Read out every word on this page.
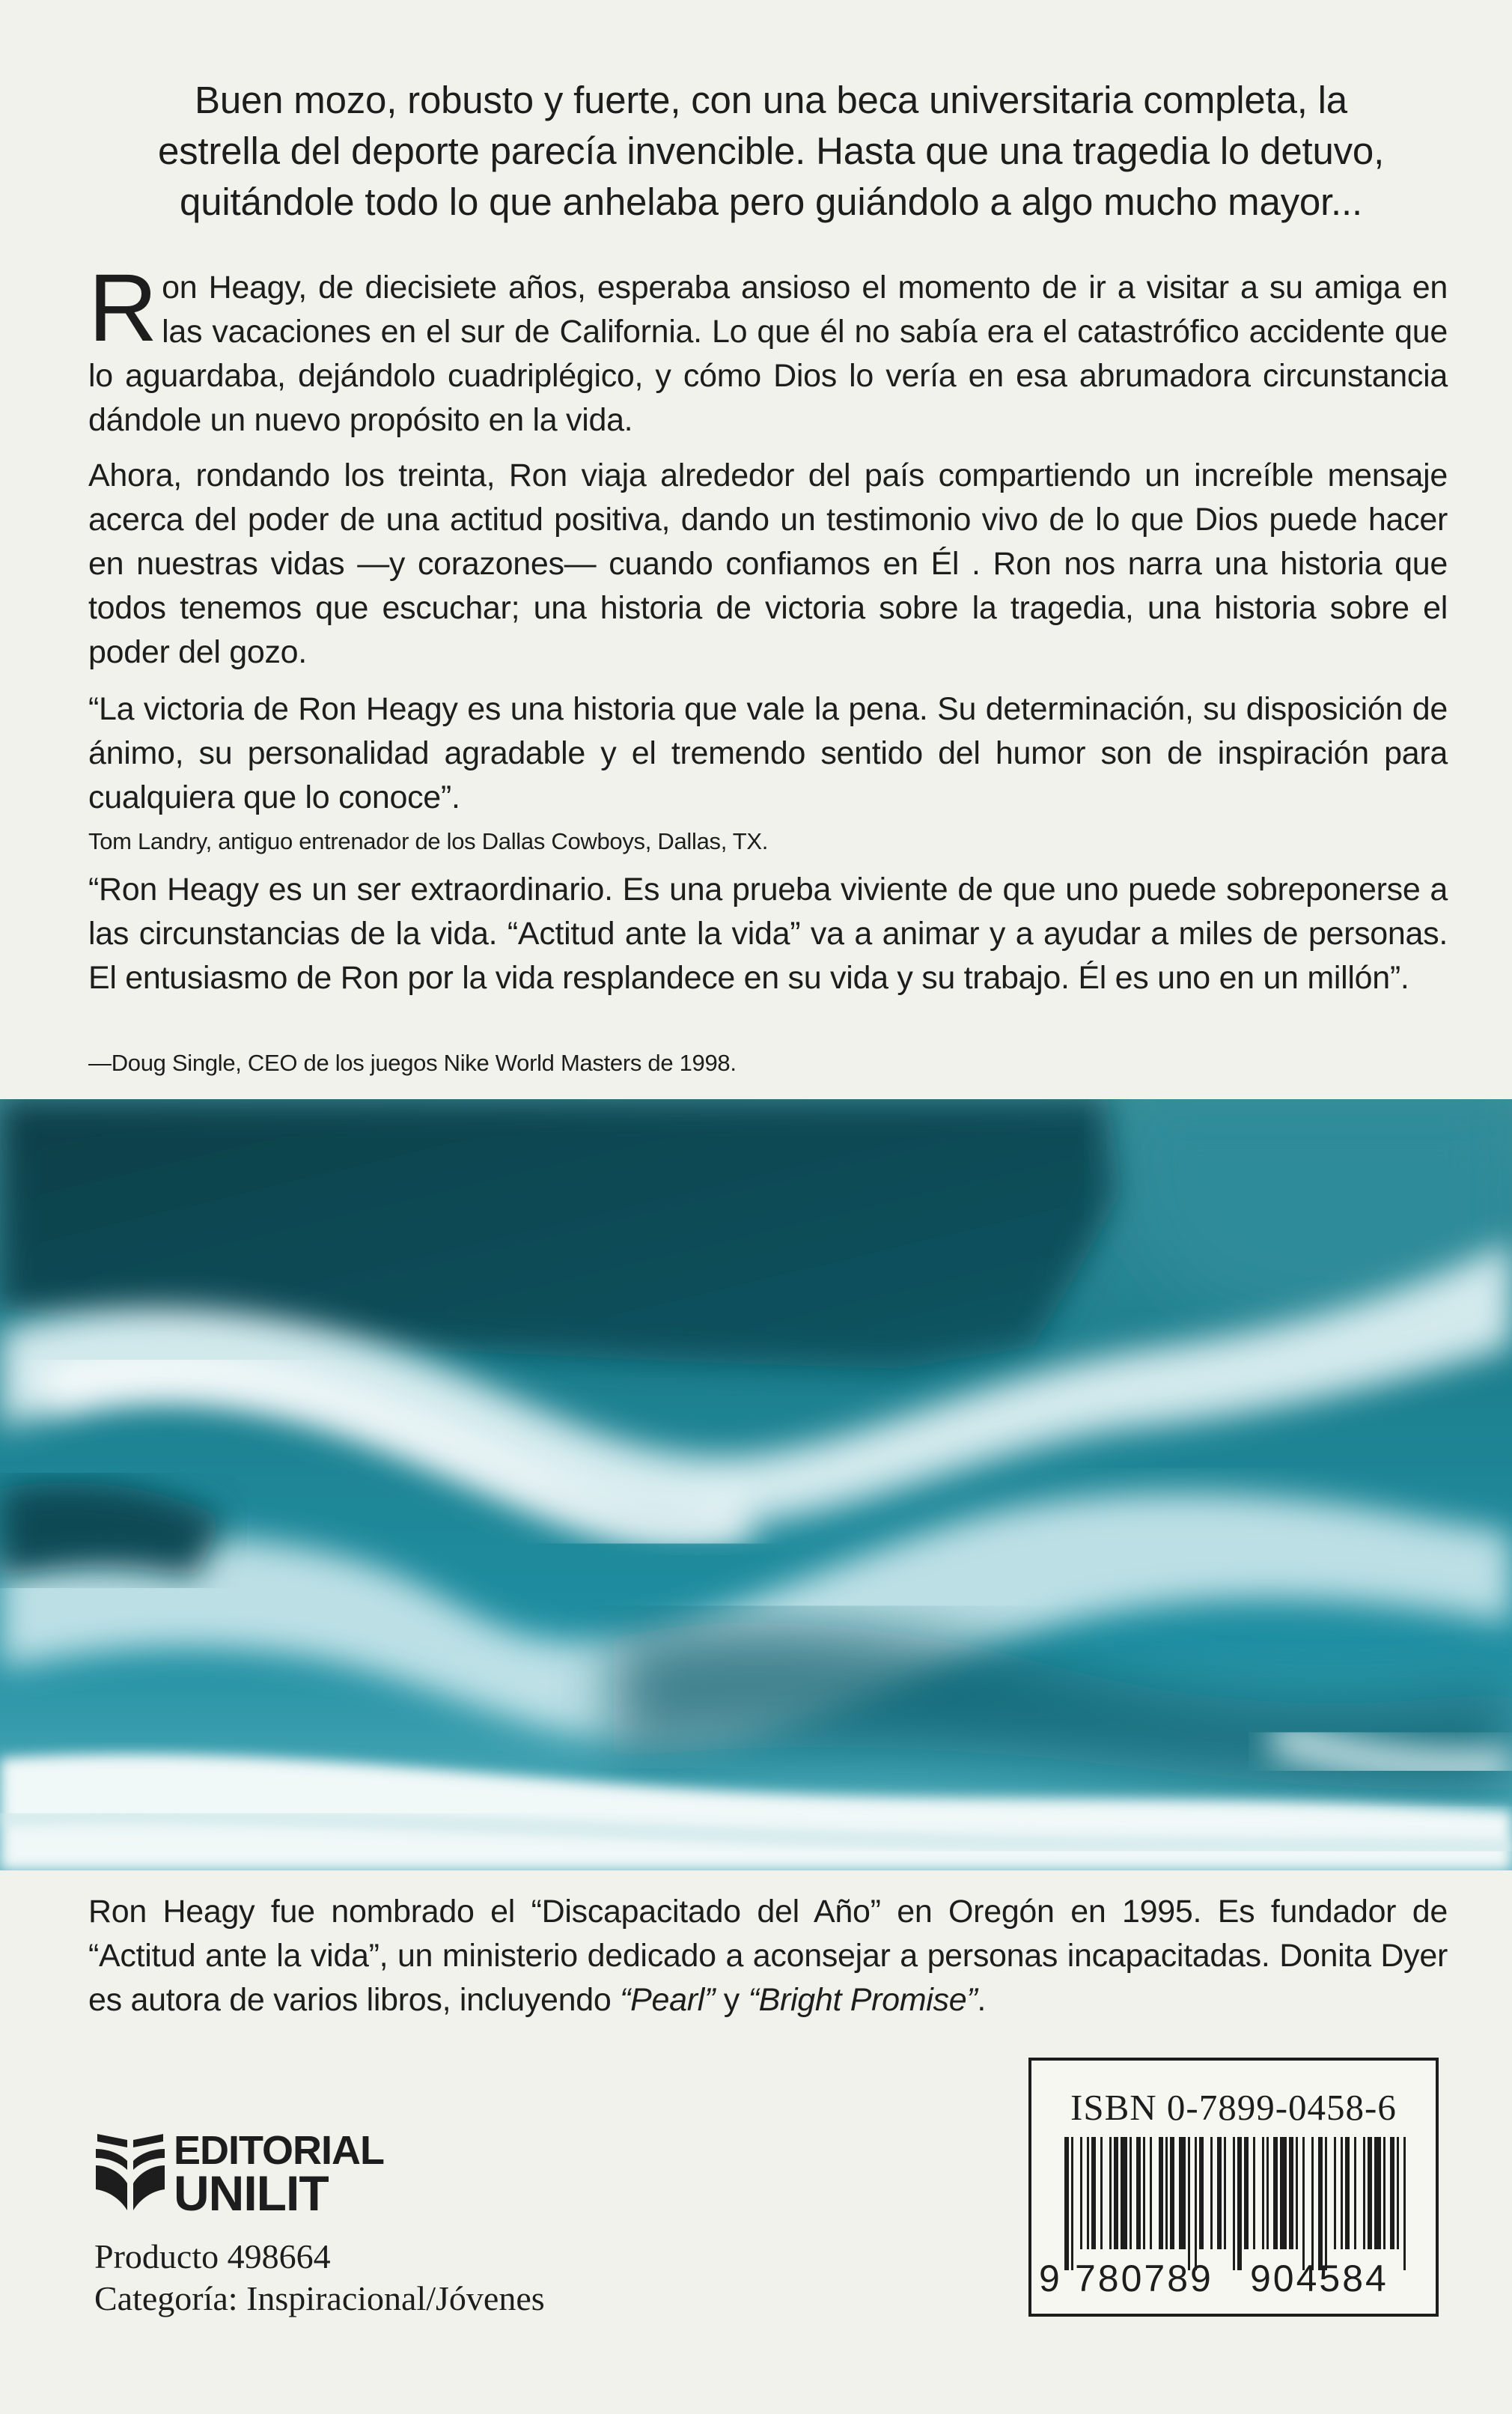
Buen mozo, robusto y fuerte, con una beca universitaria completa, la
estrella del deporte parecía invencible. Hasta que una tragedia lo detuvo,
quitándole todo lo que anhelaba pero guiándolo a algo mucho mayor...

Ron Heagy, de diecisiete años, esperaba ansioso el momento de ir a visitar a su amiga en las vacaciones en el sur de California. Lo que él no sabía era el catastrófico accidente que lo aguardaba, dejándolo cuadriplégico, y cómo Dios lo vería en esa abrumadora circunstancia dándole un nuevo propósito en la vida.

Ahora, rondando los treinta, Ron viaja alrededor del país compartiendo un increíble mensaje acerca del poder de una actitud positiva, dando un testimonio vivo de lo que Dios puede hacer en nuestras vidas —y corazones— cuando confiamos en Él . Ron nos narra una historia que todos tenemos que escuchar; una historia de victoria sobre la tragedia, una historia sobre el poder del gozo.

“La victoria de Ron Heagy es una historia que vale la pena. Su determinación, su disposición de ánimo, su personalidad agradable y el tremendo sentido del humor son de inspiración para cualquiera que lo conoce”.

Tom Landry, antiguo entrenador de los Dallas Cowboys, Dallas, TX.

“Ron Heagy es un ser extraordinario. Es una prueba viviente de que uno puede sobreponerse a las circunstancias de la vida. “Actitud ante la vida” va a animar y a ayudar a miles de personas. El entusiasmo de Ron por la vida resplandece en su vida y su trabajo. Él es uno en un millón”.

—Doug Single, CEO de los juegos Nike World Masters de 1998.

Ron Heagy fue nombrado el “Discapacitado del Año” en Oregón en 1995. Es fundador de “Actitud ante la vida”, un ministerio dedicado a aconsejar a personas incapacitadas. Donita Dyer es autora de varios libros, incluyendo “Pearl” y “Bright Promise”.

EDITORIAL
UNILIT

Producto 498664
Categoría: Inspiracional/Jóvenes

ISBN 0-7899-0458-6
9 780789 904584
